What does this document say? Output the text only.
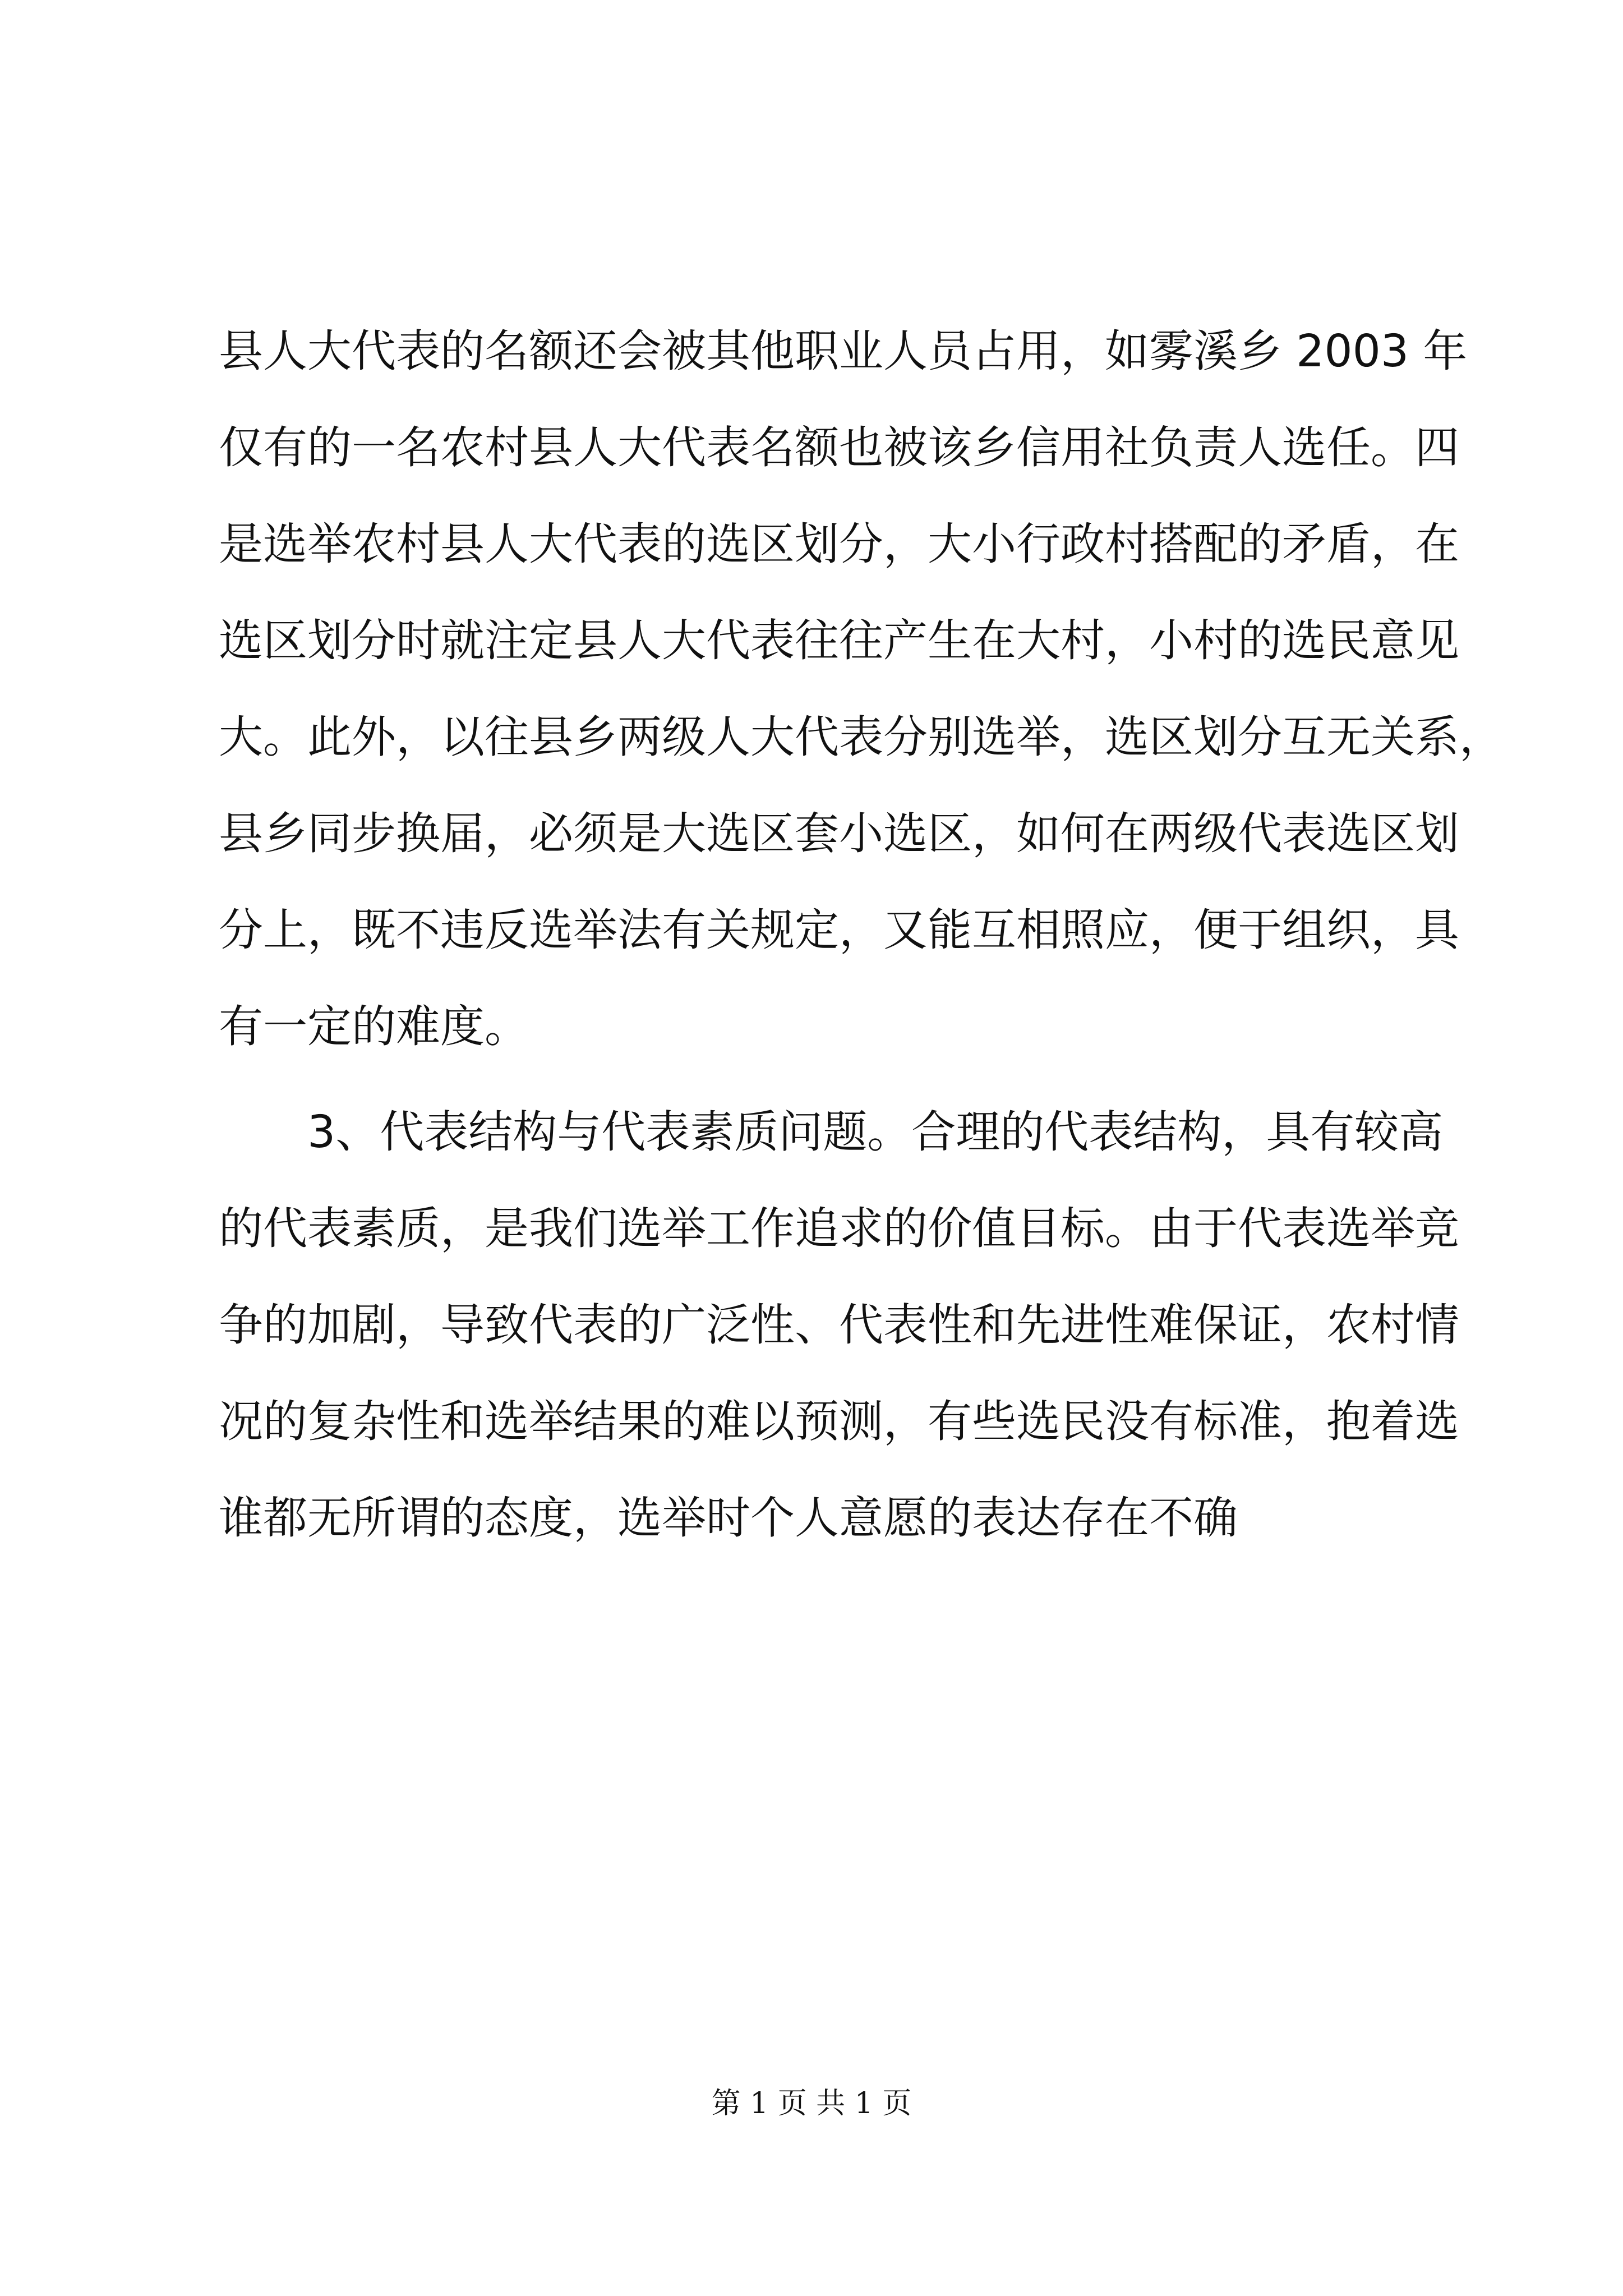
县人大代表的名额还会被其他职业人员占用，如雾溪乡 2003 年
仅有的一名农村县人大代表名额也被该乡信用社负责人选任。四
是选举农村县人大代表的选区划分，大小行政村搭配的矛盾，在
选区划分时就注定县人大代表往往产生在大村，小村的选民意见
大。此外，以往县乡两级人大代表分别选举，选区划分互无关系，
县乡同步换届，必须是大选区套小选区，如何在两级代表选区划
分上，既不违反选举法有关规定，又能互相照应，便于组织，具
有一定的难度。
　　3、代表结构与代表素质问题。合理的代表结构，具有较高
的代表素质，是我们选举工作追求的价值目标。由于代表选举竞
争的加剧，导致代表的广泛性、代表性和先进性难保证，农村情
况的复杂性和选举结果的难以预测，有些选民没有标准，抱着选
谁都无所谓的态度，选举时个人意愿的表达存在不确
第 1 页 共 1 页
